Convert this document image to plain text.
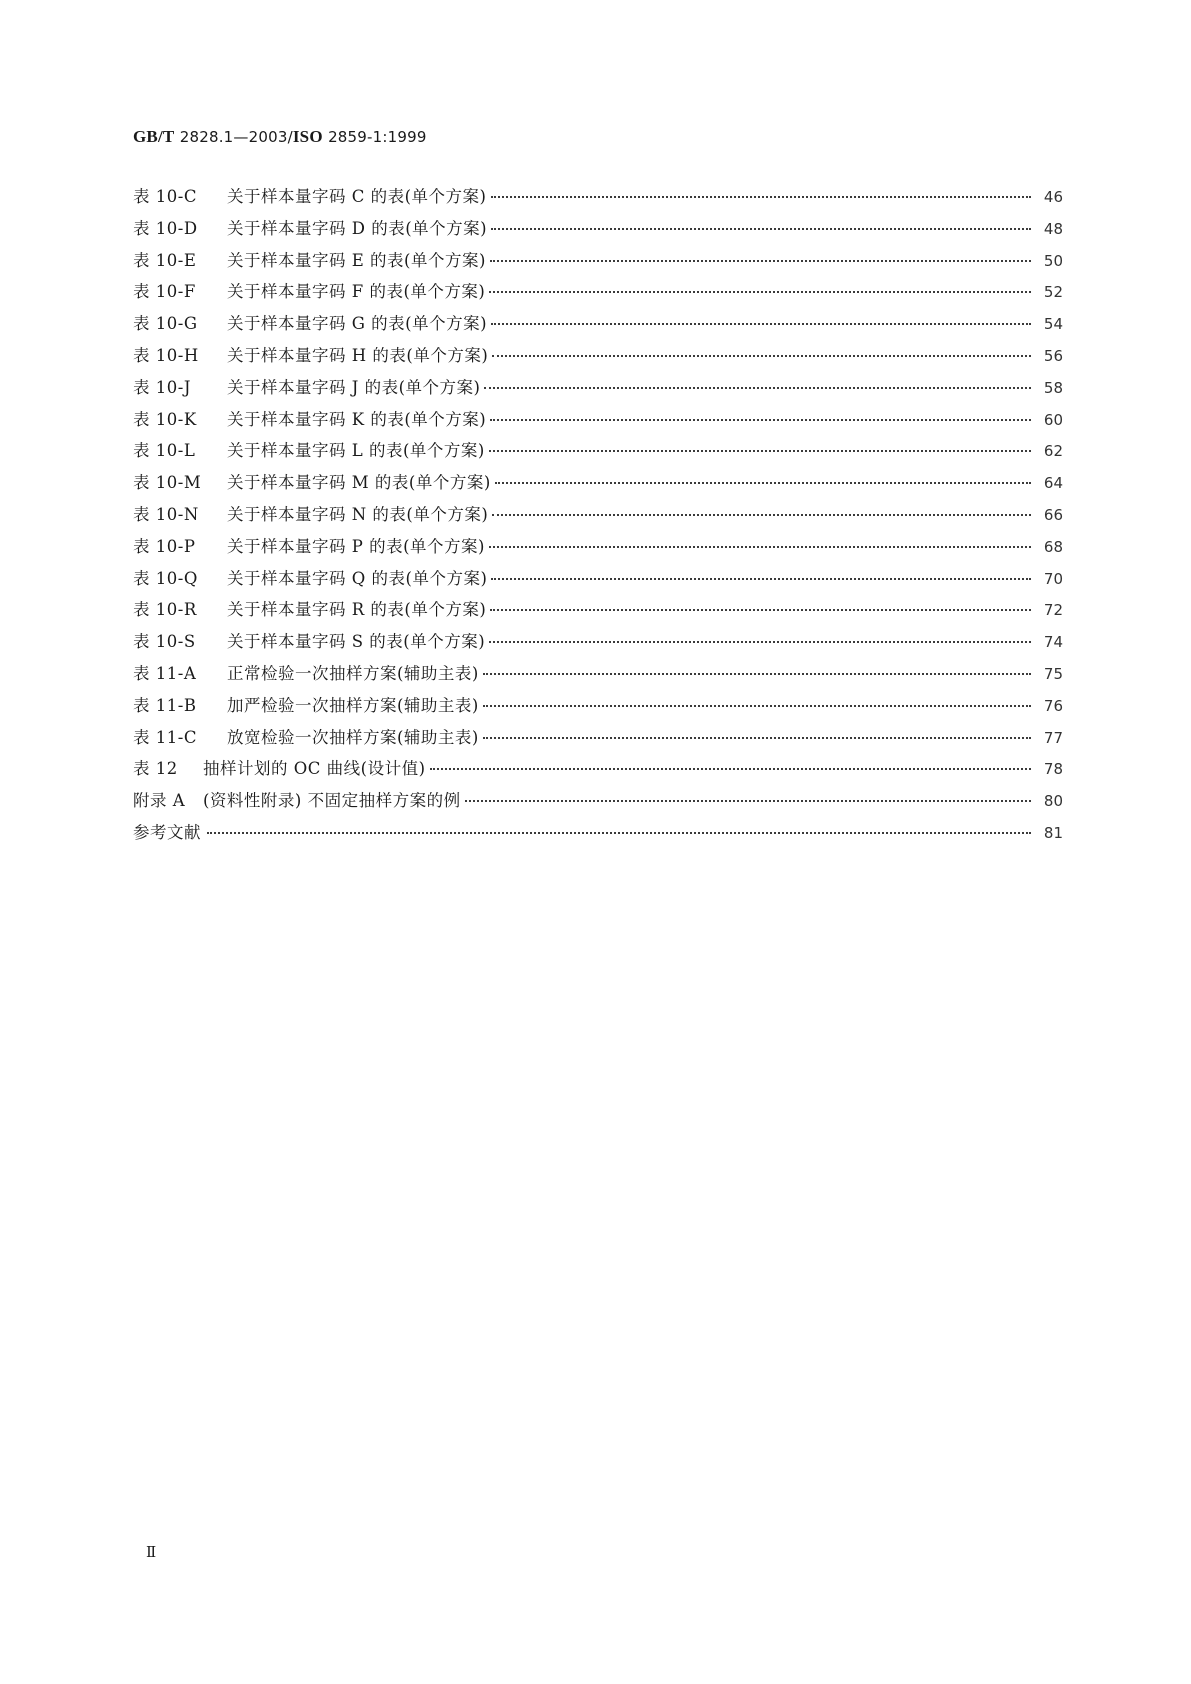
GB/T 2828.1—2003/ISO 2859-1:1999
表 10-C 关于样本量字码 C 的表(单个方案)	46
表 10-D 关于样本量字码 D 的表(单个方案)	48
表 10-E 关于样本量字码 E 的表(单个方案)	50
表 10-F 关于样本量字码 F 的表(单个方案)	52
表 10-G 关于样本量字码 G 的表(单个方案)	54
表 10-H 关于样本量字码 H 的表(单个方案)	56
表 10-J 关于样本量字码 J 的表(单个方案)	58
表 10-K 关于样本量字码 K 的表(单个方案)	60
表 10-L 关于样本量字码 L 的表(单个方案)	62
表 10-M 关于样本量字码 M 的表(单个方案)	64
表 10-N 关于样本量字码 N 的表(单个方案)	66
表 10-P 关于样本量字码 P 的表(单个方案)	68
表 10-Q 关于样本量字码 Q 的表(单个方案)	70
表 10-R 关于样本量字码 R 的表(单个方案)	72
表 10-S 关于样本量字码 S 的表(单个方案)	74
表 11-A 正常检验一次抽样方案(辅助主表)	75
表 11-B 加严检验一次抽样方案(辅助主表)	76
表 11-C 放宽检验一次抽样方案(辅助主表)	77
表 12 抽样计划的 OC 曲线(设计值)	78
附录 A (资料性附录) 不固定抽样方案的例	80
参考文献	81
Ⅱ
